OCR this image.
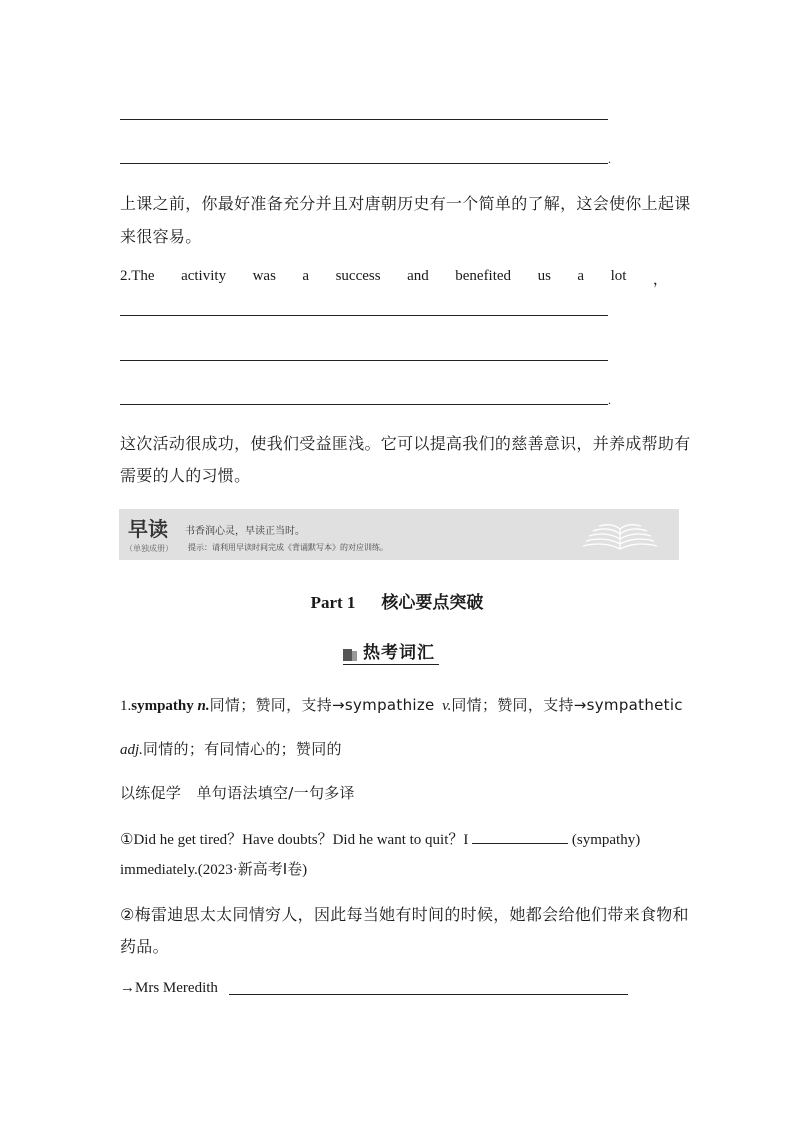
.
上课之前，你最好准备充分并且对唐朝历史有一个简单的了解，这会使你上起课
来很容易。
2.The activity was a success and benefited us a lot ，
.
这次活动很成功，使我们受益匪浅。它可以提高我们的慈善意识，并养成帮助有
需要的人的习惯。
早读 书香润心灵，早读正当时。
（单独成册） 提示：请利用早读时间完成《背诵默写本》的对应训练。
Part 1 核心要点突破
热考词汇
1.sympathy n.同情；赞同，支持→sympathize v.同情；赞同，支持→sympathetic
adj.同情的；有同情心的；赞同的
以练促学　单句语法填空/一句多译
①Did he get tired？Have doubts？Did he want to quit？I	(sympathy)
immediately.(2023·新高考Ⅰ卷)
②梅雷迪思太太同情穷人，因此每当她有时间的时候，她都会给他们带来食物和
药品。
→Mrs Meredith
